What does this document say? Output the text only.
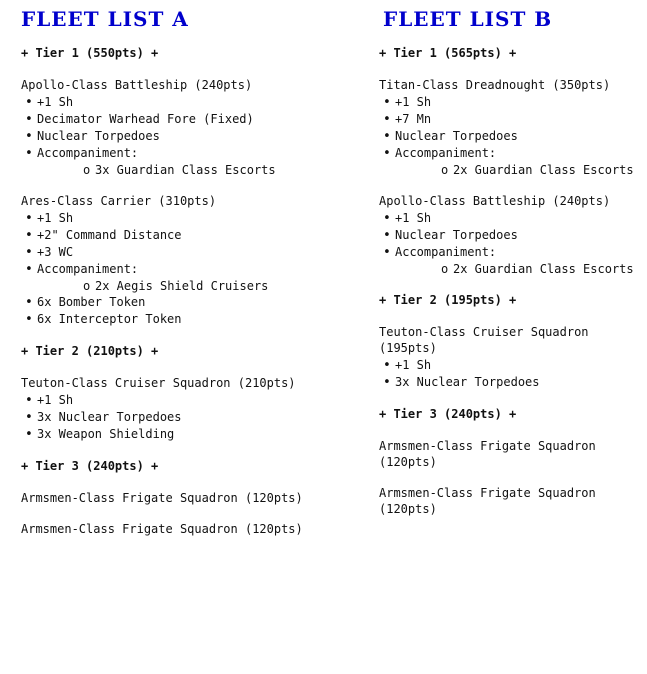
FLEET LIST A
+ Tier 1 (550pts) +
Apollo-Class Battleship (240pts)
• +1 Sh
• Decimator Warhead Fore (Fixed)
• Nuclear Torpedoes
• Accompaniment:
o 3x Guardian Class Escorts
Ares-Class Carrier (310pts)
• +1 Sh
• +2" Command Distance
• +3 WC
• Accompaniment:
o 2x Aegis Shield Cruisers
• 6x Bomber Token
• 6x Interceptor Token
+ Tier 2 (210pts) +
Teuton-Class Cruiser Squadron (210pts)
• +1 Sh
• 3x Nuclear Torpedoes
• 3x Weapon Shielding
+ Tier 3 (240pts) +
Armsmen-Class Frigate Squadron (120pts)
Armsmen-Class Frigate Squadron (120pts)
FLEET LIST B
+ Tier 1 (565pts) +
Titan-Class Dreadnought (350pts)
• +1 Sh
• +7 Mn
• Nuclear Torpedoes
• Accompaniment:
o 2x Guardian Class Escorts
Apollo-Class Battleship (240pts)
• +1 Sh
• Nuclear Torpedoes
• Accompaniment:
o 2x Guardian Class Escorts
+ Tier 2 (195pts) +
Teuton-Class Cruiser Squadron (195pts)
• +1 Sh
• 3x Nuclear Torpedoes
+ Tier 3 (240pts) +
Armsmen-Class Frigate Squadron (120pts)
Armsmen-Class Frigate Squadron (120pts)
